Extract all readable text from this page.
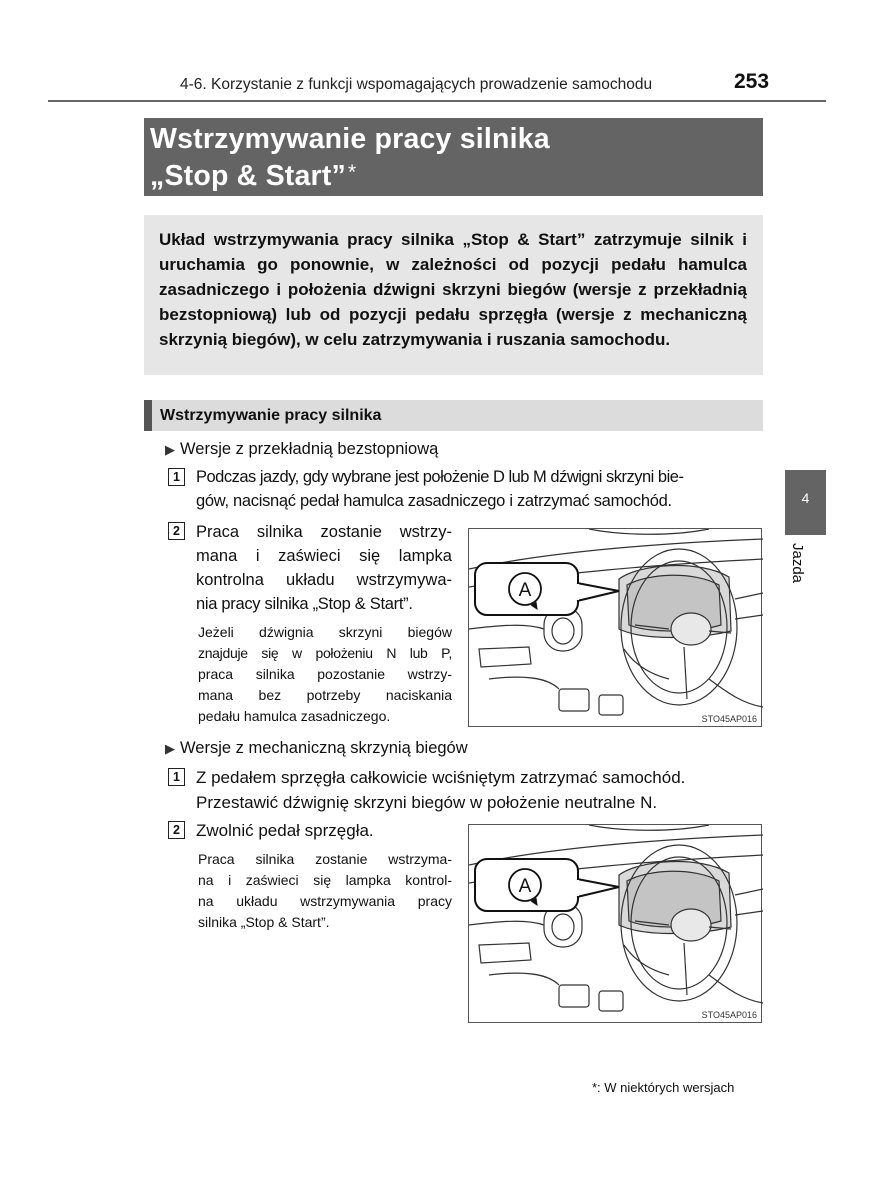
4-6. Korzystanie z funkcji wspomagających prowadzenie samochodu	253
Wstrzymywanie pracy silnika
„Stop & Start”*

Układ wstrzymywania pracy silnika „Stop & Start” zatrzymuje silnik i uruchamia go ponownie, w zależności od pozycji pedału hamulca zasadniczego i położenia dźwigni skrzyni biegów (wersje z przekładnią bezstopniową) lub od pozycji pedału sprzęgła (wersje z mechaniczną skrzynią biegów), w celu zatrzymywania i ruszania samochodu.

Wstrzymywanie pracy silnika
▶ Wersje z przekładnią bezstopniową
1 Podczas jazdy, gdy wybrane jest położenie D lub M dźwigni skrzyni bie-

gów, nacisnąć pedał hamulca zasadniczego i zatrzymać samochód.

2 Praca silnika zostanie wstrzy-

mana i zaświeci się lampka

kontrolna układu wstrzymywa-

nia pracy silnika „Stop & Start”.

Jeżeli dźwignia skrzyni biegów

znajduje się w położeniu N lub P,

praca silnika pozostanie wstrzy-

mana bez potrzeby naciskania

pedału hamulca zasadniczego.

A
STO45AP016
▶ Wersje z mechaniczną skrzynią biegów
1 Z pedałem sprzęgła całkowicie wciśniętym zatrzymać samochód.

Przestawić dźwignię skrzyni biegów w położenie neutralne N.

2 Zwolnić pedał sprzęgła.

Praca silnika zostanie wstrzyma-

na i zaświeci się lampka kontrol-

na układu wstrzymywania pracy

silnika „Stop & Start”.

A
STO45AP016
4
Jazda
*: W niektórych wersjach
